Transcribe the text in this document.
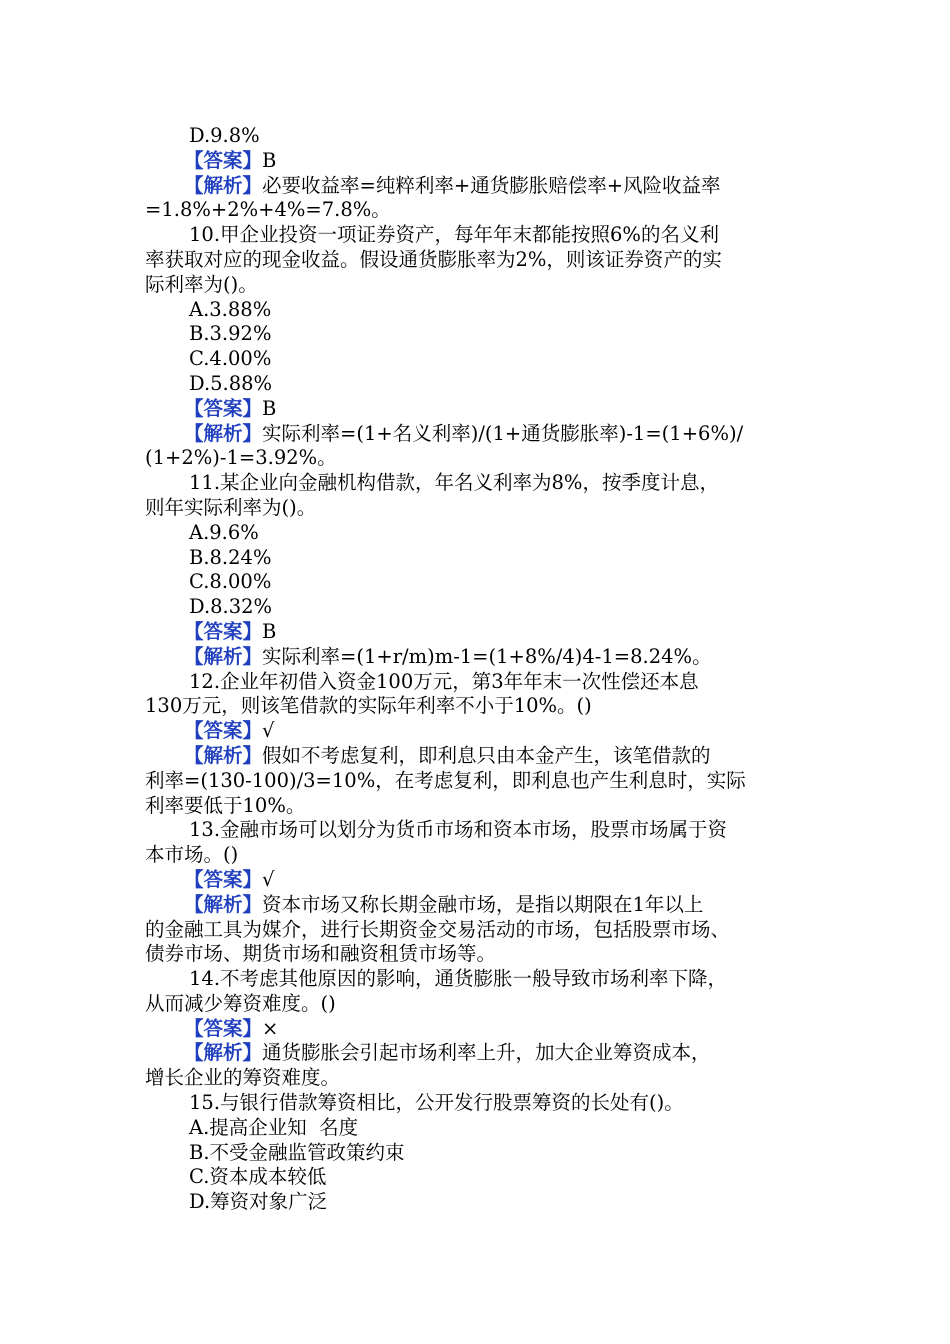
D.9.8%
【答案】B
【解析】必要收益率=纯粹利率+通货膨胀赔偿率+风险收益率
=1.8%+2%+4%=7.8%。
10.甲企业投资一项证券资产，每年年末都能按照6%的名义利
率获取对应的现金收益。假设通货膨胀率为2%，则该证券资产的实
际利率为()。
A.3.88%
B.3.92%
C.4.00%
D.5.88%
【答案】B
【解析】实际利率=(1+名义利率)/(1+通货膨胀率)-1=(1+6%)/
(1+2%)-1=3.92%。
11.某企业向金融机构借款，年名义利率为8%，按季度计息，
则年实际利率为()。
A.9.6%
B.8.24%
C.8.00%
D.8.32%
【答案】B
【解析】实际利率=(1+r/m)m-1=(1+8%/4)4-1=8.24%。
12.企业年初借入资金100万元，第3年年末一次性偿还本息
130万元，则该笔借款的实际年利率不小于10%。()
【答案】√
【解析】假如不考虑复利，即利息只由本金产生，该笔借款的
利率=(130-100)/3=10%，在考虑复利，即利息也产生利息时，实际
利率要低于10%。
13.金融市场可以划分为货币市场和资本市场，股票市场属于资
本市场。()
【答案】√
【解析】资本市场又称长期金融市场，是指以期限在1年以上
的金融工具为媒介，进行长期资金交易活动的市场，包括股票市场、
债券市场、期货市场和融资租赁市场等。
14.不考虑其他原因的影响，通货膨胀一般导致市场利率下降，
从而减少筹资难度。()
【答案】×
【解析】通货膨胀会引起市场利率上升，加大企业筹资成本，
增长企业的筹资难度。
15.与银行借款筹资相比，公开发行股票筹资的长处有()。
A.提高企业知  名度
B.不受金融监管政策约束
C.资本成本较低
D.筹资对象广泛
